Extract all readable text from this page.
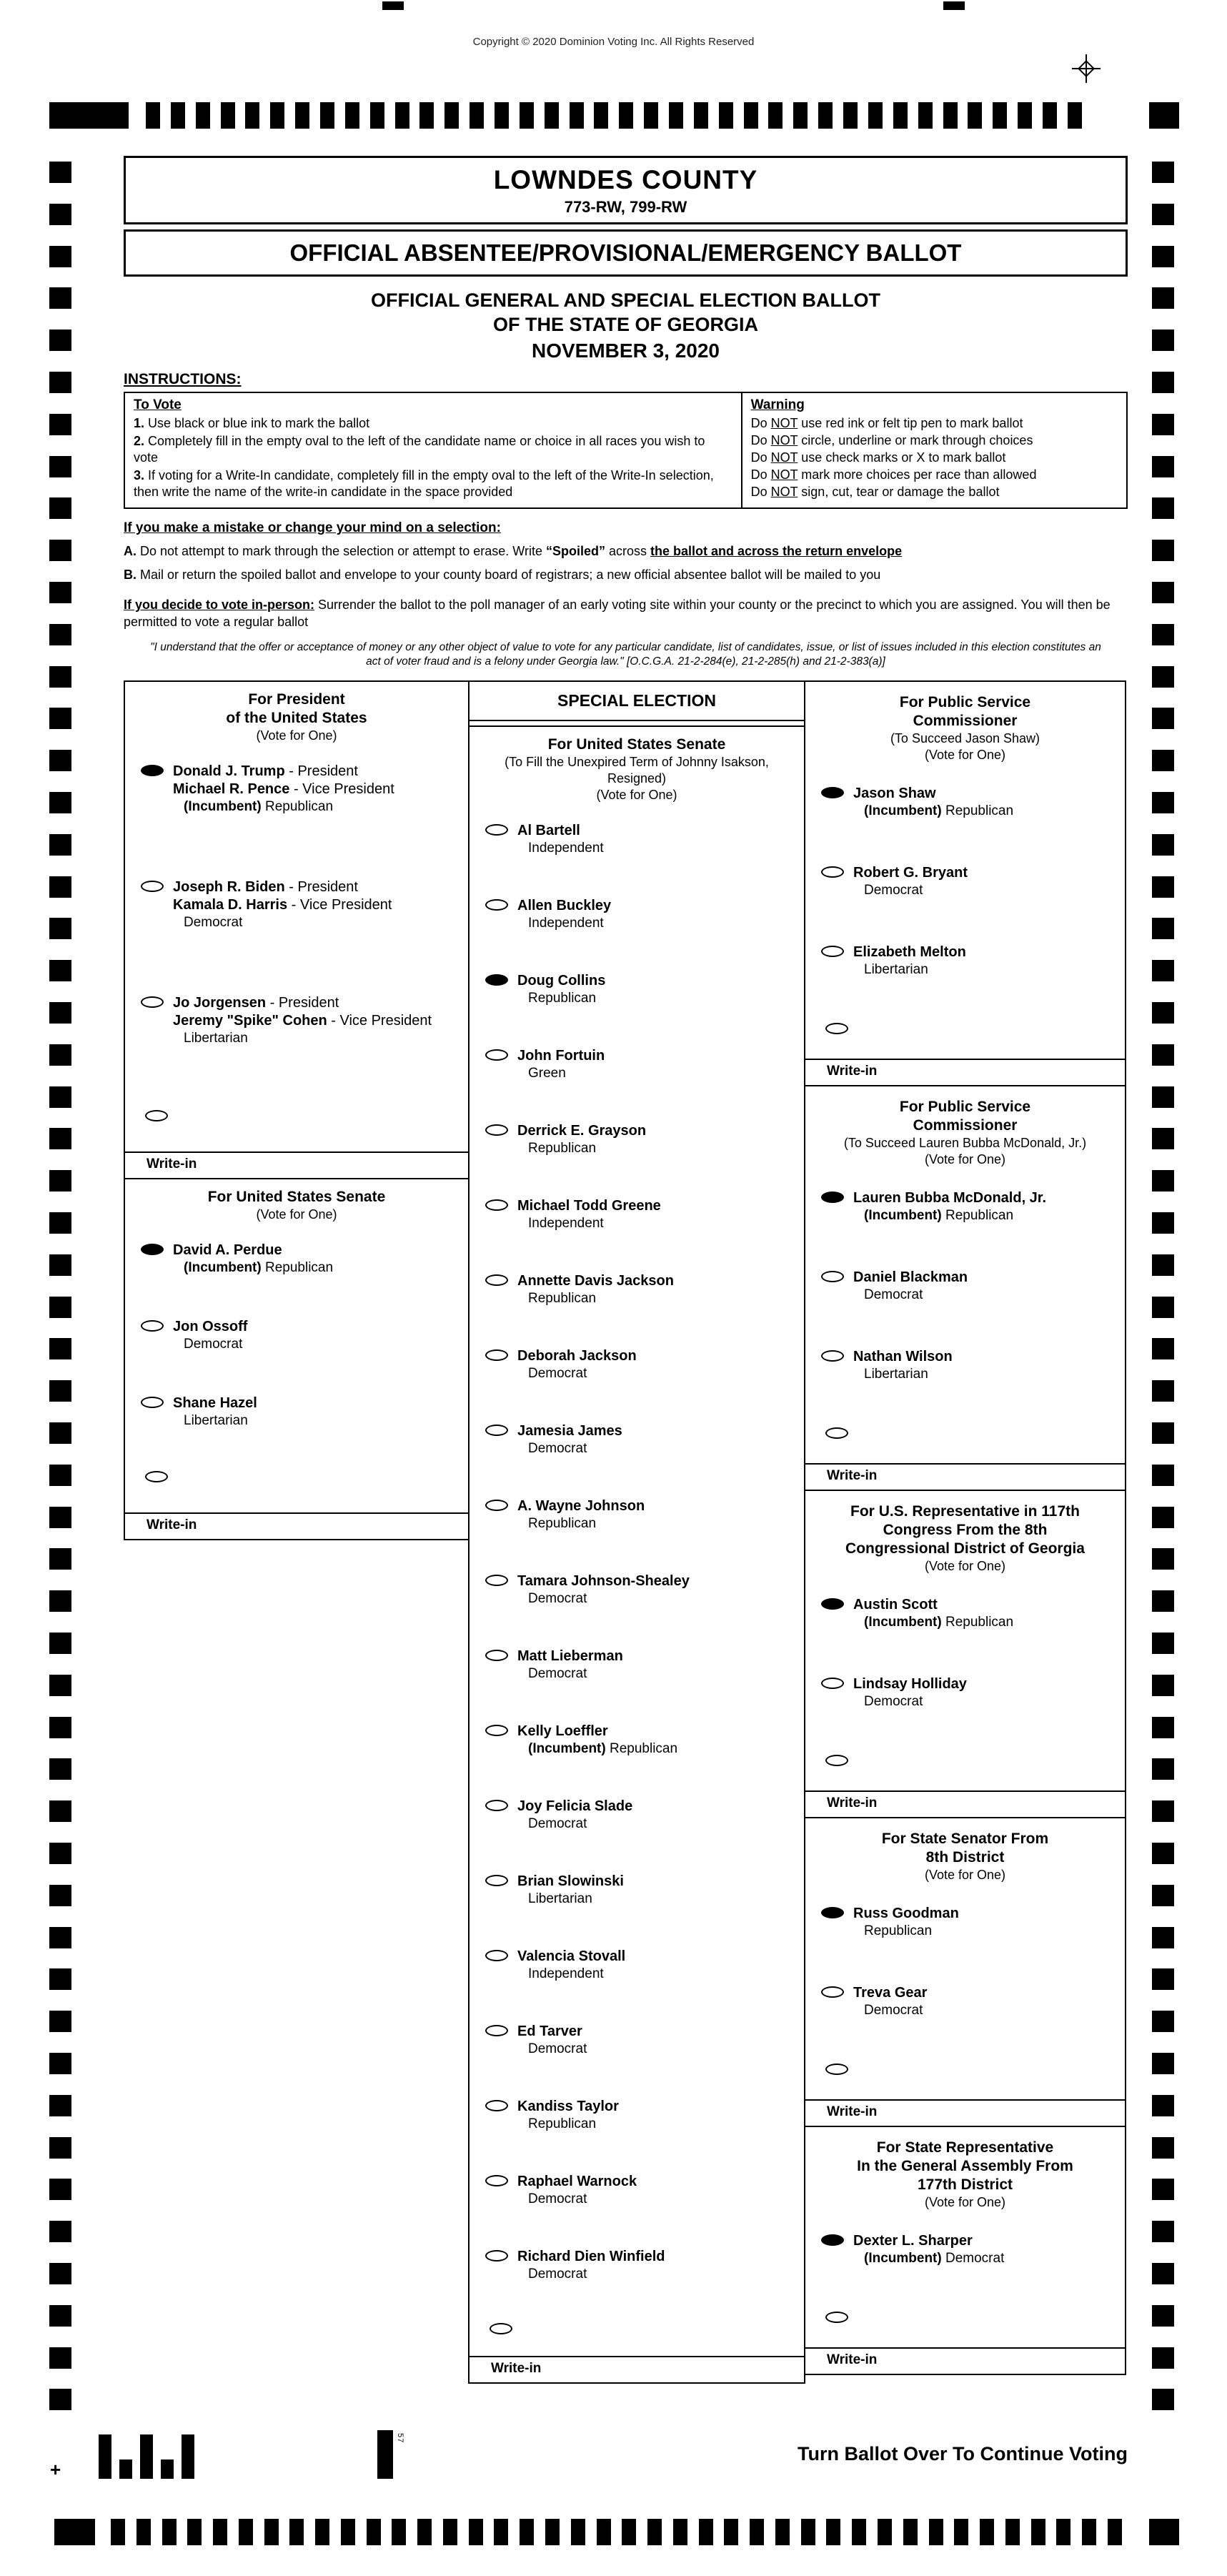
Copyright © 2020 Dominion Voting Inc. All Rights Reserved
+
57
LOWNDES COUNTY
773-RW, 799-RW
OFFICIAL ABSENTEE/PROVISIONAL/EMERGENCY BALLOT
OFFICIAL GENERAL AND SPECIAL ELECTION BALLOT
OF THE STATE OF GEORGIA
NOVEMBER 3, 2020
INSTRUCTIONS:
To Vote
1. Use black or blue ink to mark the ballot
2. Completely fill in the empty oval to the left of the candidate name or choice in all races you wish to vote
3. If voting for a Write-In candidate, completely fill in the empty oval to the left of the Write-In selection, then write the name of the write-in candidate in the space provided
Warning
Do NOT use red ink or felt tip pen to mark ballot
Do NOT circle, underline or mark through choices
Do NOT use check marks or X to mark ballot
Do NOT mark more choices per race than allowed
Do NOT sign, cut, tear or damage the ballot
If you make a mistake or change your mind on a selection:
A. Do not attempt to mark through the selection or attempt to erase. Write “Spoiled” across the ballot and across the return envelope
B. Mail or return the spoiled ballot and envelope to your county board of registrars; a new official absentee ballot will be mailed to you

If you decide to vote in-person: Surrender the ballot to the poll manager of an early voting site within your county or the precinct to which you are assigned. You will then be permitted to vote a regular ballot

"I understand that the offer or acceptance of money or any other object of value to vote for any particular candidate, list of candidates, issue, or list of issues included in this election constitutes an act of voter fraud and is a felony under Georgia law." [O.C.G.A. 21-2-284(e), 21-2-285(h) and 21-2-383(a)]
For President
of the United States
(Vote for One)
Donald J. Trump - President
Michael R. Pence - Vice President
(Incumbent) Republican
Joseph R. Biden - President
Kamala D. Harris - Vice President
Democrat
Jo Jorgensen - President
Jeremy "Spike" Cohen - Vice President
Libertarian
Write-in
For United States Senate
(Vote for One)
David A. Perdue
(Incumbent) Republican
Jon Ossoff
Democrat
Shane Hazel
Libertarian
Write-in
SPECIAL ELECTION
For United States Senate
(To Fill the Unexpired Term of Johnny Isakson, Resigned)
(Vote for One)
Al Bartell
Independent
Allen Buckley
Independent
Doug Collins
Republican
John Fortuin
Green
Derrick E. Grayson
Republican
Michael Todd Greene
Independent
Annette Davis Jackson
Republican
Deborah Jackson
Democrat
Jamesia James
Democrat
A. Wayne Johnson
Republican
Tamara Johnson-Shealey
Democrat
Matt Lieberman
Democrat
Kelly Loeffler
(Incumbent) Republican
Joy Felicia Slade
Democrat
Brian Slowinski
Libertarian
Valencia Stovall
Independent
Ed Tarver
Democrat
Kandiss Taylor
Republican
Raphael Warnock
Democrat
Richard Dien Winfield
Democrat
Write-in
For Public Service
Commissioner
(To Succeed Jason Shaw)
(Vote for One)
Jason Shaw
(Incumbent) Republican
Robert G. Bryant
Democrat
Elizabeth Melton
Libertarian
Write-in
For Public Service
Commissioner
(To Succeed Lauren Bubba McDonald, Jr.)
(Vote for One)
Lauren Bubba McDonald, Jr.
(Incumbent) Republican
Daniel Blackman
Democrat
Nathan Wilson
Libertarian
Write-in
For U.S. Representative in 117th
Congress From the 8th
Congressional District of Georgia
(Vote for One)
Austin Scott
(Incumbent) Republican
Lindsay Holliday
Democrat
Write-in
For State Senator From
8th District
(Vote for One)
Russ Goodman
Republican
Treva Gear
Democrat
Write-in
For State Representative
In the General Assembly From
177th District
(Vote for One)
Dexter L. Sharper
(Incumbent) Democrat
Write-in
Turn Ballot Over To Continue Voting
